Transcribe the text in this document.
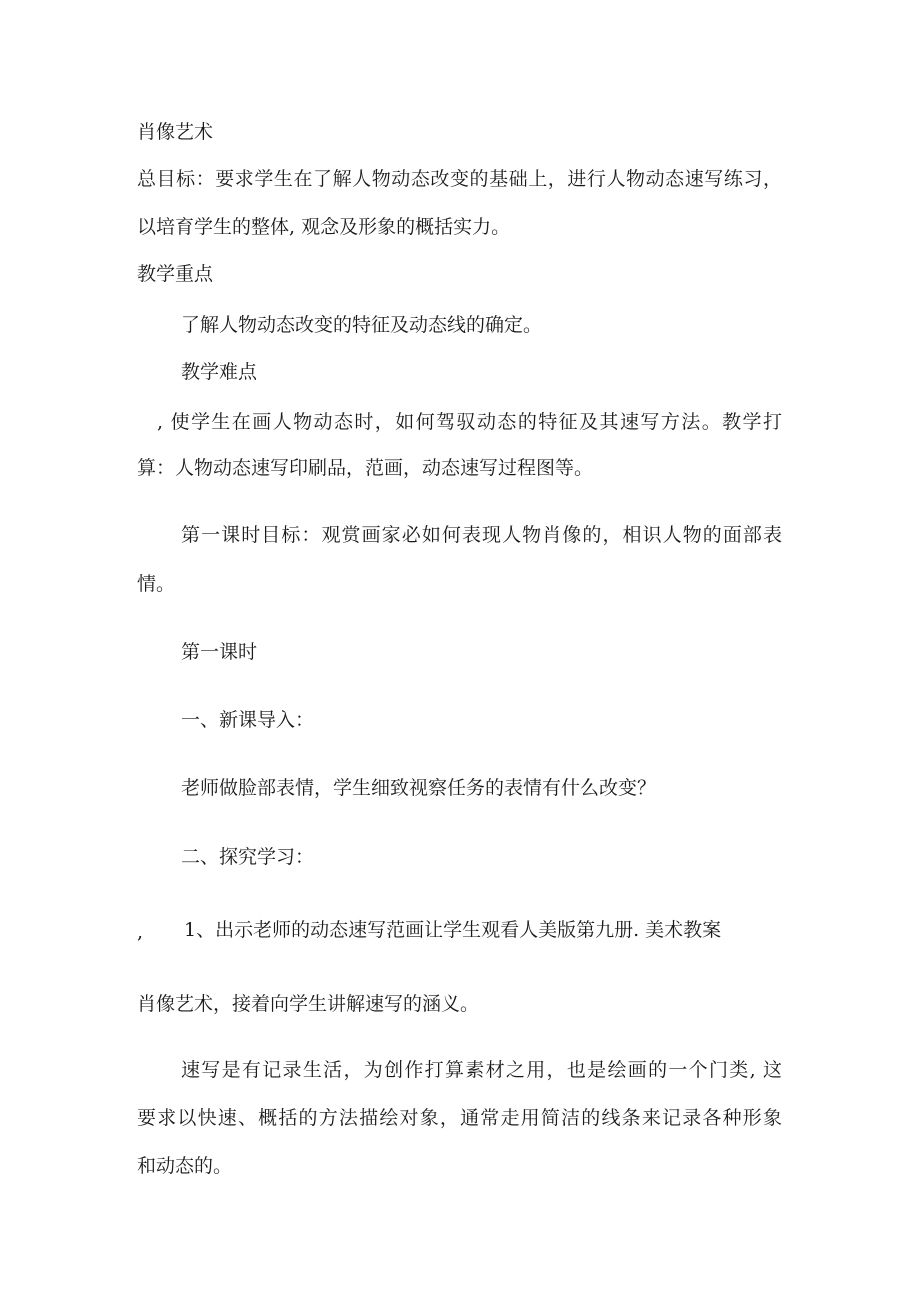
肖像艺术
总目标：要求学生在了解人物动态改变的基础上，进行人物动态速写练习，
以培育学生的整体, 观念及形象的概括实力。
教学重点
了解人物动态改变的特征及动态线的确定。
教学难点
, 使学生在画人物动态时，如何驾驭动态的特征及其速写方法。教学打
算：人物动态速写印刷品，范画，动态速写过程图等。
第一课时目标：观赏画家必如何表现人物肖像的，相识人物的面部表
情。
第一课时
一、新课导入：
老师做脸部表情，学生细致视察任务的表情有什么改变？
二、探究学习：
, 1、出示老师的动态速写范画让学生观看人美版第九册. 美术教案
肖像艺术，接着向学生讲解速写的涵义。
速写是有记录生活，为创作打算素材之用，也是绘画的一个门类, 这
要求以快速、概括的方法描绘对象，通常走用简洁的线条来记录各种形象
和动态的。
